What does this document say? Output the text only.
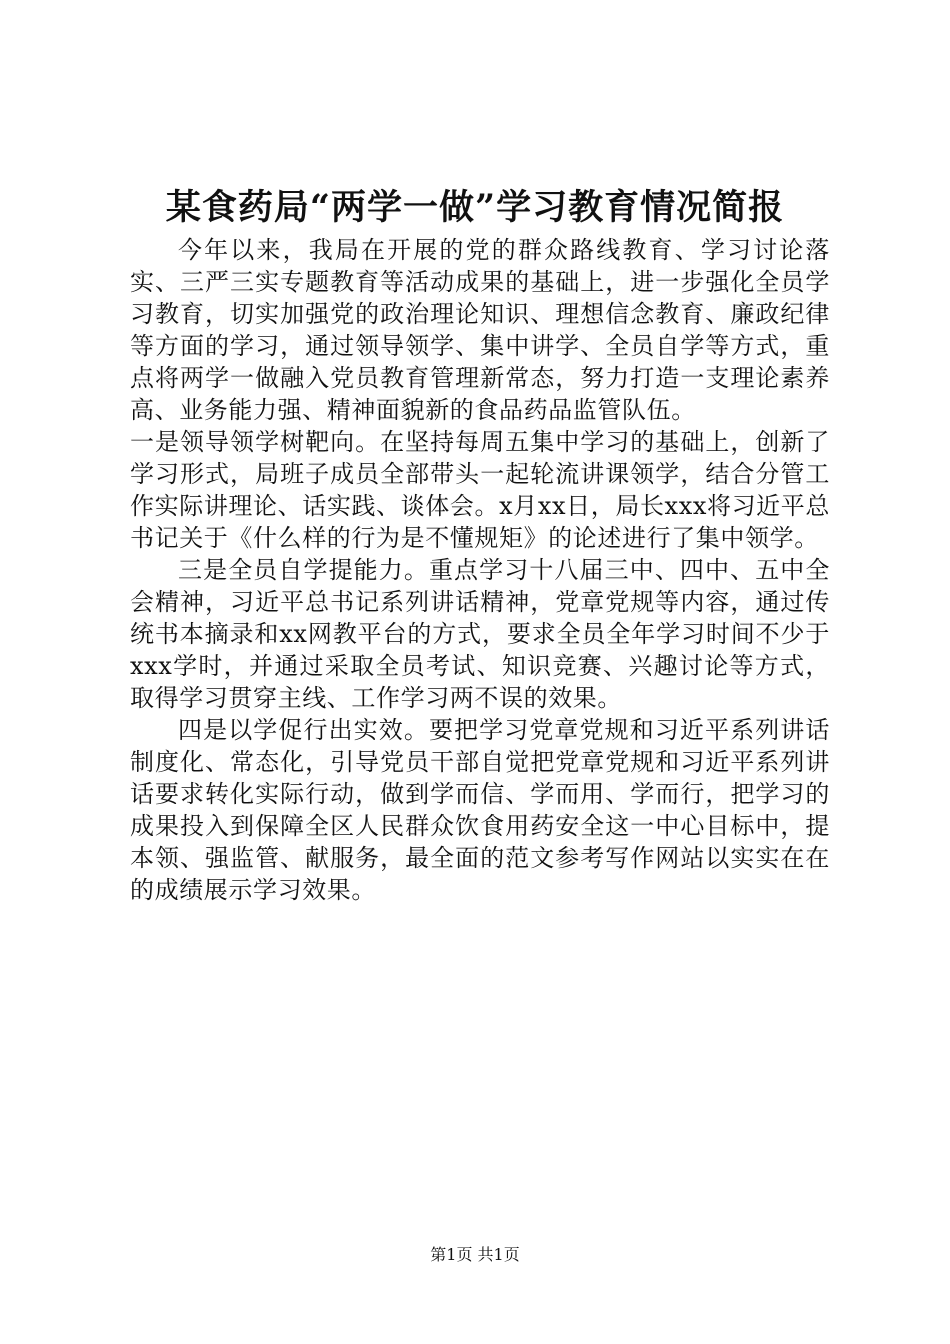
某食药局“两学一做”学习教育情况简报

今年以来，我局在开展的党的群众路线教育、学习讨论落实、三严三实专题教育等活动成果的基础上，进一步强化全员学习教育，切实加强党的政治理论知识、理想信念教育、廉政纪律等方面的学习，通过领导领学、集中讲学、全员自学等方式，重点将两学一做融入党员教育管理新常态，努力打造一支理论素养高、业务能力强、精神面貌新的食品药品监管队伍。

一是领导领学树靶向。在坚持每周五集中学习的基础上，创新了学习形式，局班子成员全部带头一起轮流讲课领学，结合分管工作实际讲理论、话实践、谈体会。x月xx日，局长xxx将习近平总书记关于《什么样的行为是不懂规矩》的论述进行了集中领学。

三是全员自学提能力。重点学习十八届三中、四中、五中全会精神，习近平总书记系列讲话精神，党章党规等内容，通过传统书本摘录和xx网教平台的方式，要求全员全年学习时间不少于xxx学时，并通过采取全员考试、知识竞赛、兴趣讨论等方式，取得学习贯穿主线、工作学习两不误的效果。

四是以学促行出实效。要把学习党章党规和习近平系列讲话制度化、常态化，引导党员干部自觉把党章党规和习近平系列讲话要求转化实际行动，做到学而信、学而用、学而行，把学习的成果投入到保障全区人民群众饮食用药安全这一中心目标中，提本领、强监管、献服务，最全面的范文参考写作网站以实实在在的成绩展示学习效果。

第1页 共1页
